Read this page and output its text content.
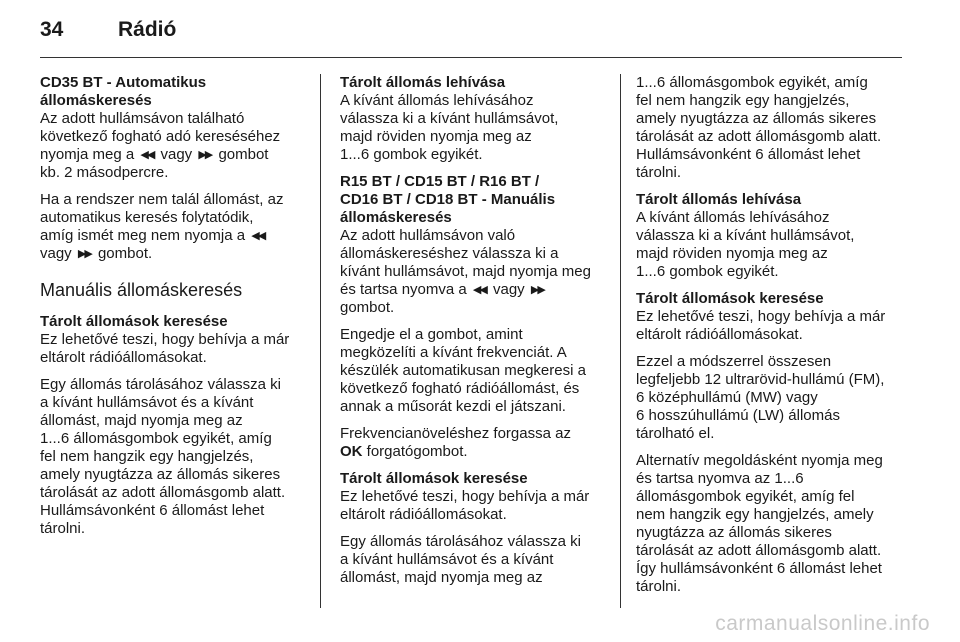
34	Rádió
CD35 BT - Automatikus
állomáskeresés

Az adott hullámsávon található
következő fogható adó kereséséhez
nyomja meg a ◀◀ vagy ▶▶ gombot
kb. 2 másodpercre.

Ha a rendszer nem talál állomást, az
automatikus keresés folytatódik,
amíg ismét meg nem nyomja a ◀◀
vagy ▶▶ gombot.

Manuális állomáskeresés
Tárolt állomások keresése

Ez lehetővé teszi, hogy behívja a már
eltárolt rádióállomásokat.

Egy állomás tárolásához válassza ki
a kívánt hullámsávot és a kívánt
állomást, majd nyomja meg az
1...6 állomásgombok egyikét, amíg
fel nem hangzik egy hangjelzés,
amely nyugtázza az állomás sikeres
tárolását az adott állomásgomb alatt.
Hullámsávonként 6 állomást lehet
tárolni.

Tárolt állomás lehívása

A kívánt állomás lehívásához
válassza ki a kívánt hullámsávot,
majd röviden nyomja meg az
1...6 gombok egyikét.

R15 BT / CD15 BT / R16 BT /
CD16 BT / CD18 BT - Manuális
állomáskeresés

Az adott hullámsávon való
állomáskereséshez válassza ki a
kívánt hullámsávot, majd nyomja meg
és tartsa nyomva a ◀◀ vagy ▶▶
gombot.

Engedje el a gombot, amint
megközelíti a kívánt frekvenciát. A
készülék automatikusan megkeresi a
következő fogható rádióállomást, és
annak a műsorát kezdi el játszani.

Frekvencianöveléshez forgassa az
OK forgatógombot.

Tárolt állomások keresése

Ez lehetővé teszi, hogy behívja a már
eltárolt rádióállomásokat.

Egy állomás tárolásához válassza ki
a kívánt hullámsávot és a kívánt
állomást, majd nyomja meg az

1...6 állomásgombok egyikét, amíg
fel nem hangzik egy hangjelzés,
amely nyugtázza az állomás sikeres
tárolását az adott állomásgomb alatt.
Hullámsávonként 6 állomást lehet
tárolni.

Tárolt állomás lehívása

A kívánt állomás lehívásához
válassza ki a kívánt hullámsávot,
majd röviden nyomja meg az
1...6 gombok egyikét.

Tárolt állomások keresése

Ez lehetővé teszi, hogy behívja a már
eltárolt rádióállomásokat.

Ezzel a módszerrel összesen
legfeljebb 12 ultrarövid-hullámú (FM),
6 középhullámú (MW) vagy
6 hosszúhullámú (LW) állomás
tárolható el.

Alternatív megoldásként nyomja meg
és tartsa nyomva az 1...6
állomásgombok egyikét, amíg fel
nem hangzik egy hangjelzés, amely
nyugtázza az állomás sikeres
tárolását az adott állomásgomb alatt.
Így hullámsávonként 6 állomást lehet
tárolni.

carmanualsonline.info
